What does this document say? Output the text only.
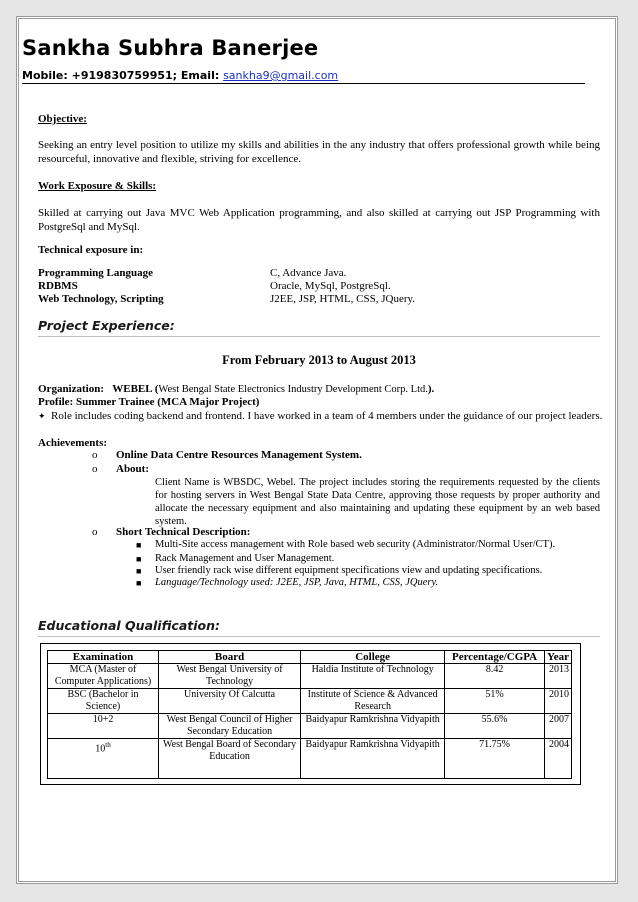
Sankha Subhra Banerjee
Mobile: +919830759951; Email: sankha9@gmail.com
Objective:
Seeking an entry level position to utilize my skills and abilities in the any industry that offers professional growth while being resourceful, innovative and flexible, striving for excellence.
Work Exposure & Skills:
Skilled at carrying out Java MVC Web Application programming, and also skilled at carrying out JSP Programming with PostgreSql and MySql.
Technical exposure in:
Programming Language	C, Advance Java.
RDBMS	Oracle, MySql, PostgreSql.
Web Technology, Scripting	J2EE, JSP, HTML, CSS, JQuery.
Project Experience:
From February 2013 to August 2013
Organization: WEBEL (West Bengal State Electronics Industry Development Corp. Ltd.).
Profile: Summer Trainee (MCA Major Project)
✦ Role includes coding backend and frontend. I have worked in a team of 4 members under the guidance of our project leaders.
Achievements:
o Online Data Centre Resources Management System.
o About:
Client Name is WBSDC, Webel. The project includes storing the requirements requested by the clients for hosting servers in West Bengal State Data Centre, approving those requests by proper authority and allocate the necessary equipment and also maintaining and updating these equipment by an web based system.
o Short Technical Description:
■ Multi-Site access management with Role based web security (Administrator/Normal User/CT).
■ Rack Management and User Management.
■ User friendly rack wise different equipment specifications view and updating specifications.
■ Language/Technology used: J2EE, JSP, Java, HTML, CSS, JQuery.
Educational Qualification:
Examination	Board	College	Percentage/CGPA	Year
MCA (Master of Computer Applications)	West Bengal University of Technology	Haldia Institute of Technology	8.42	2013
BSC (Bachelor in Science)	University Of Calcutta	Institute of Science & Advanced Research	51%	2010
10+2	West Bengal Council of Higher Secondary Education	Baidyapur Ramkrishna Vidyapith	55.6%	2007
10th	West Bengal Board of Secondary Education	Baidyapur Ramkrishna Vidyapith	71.75%	2004
